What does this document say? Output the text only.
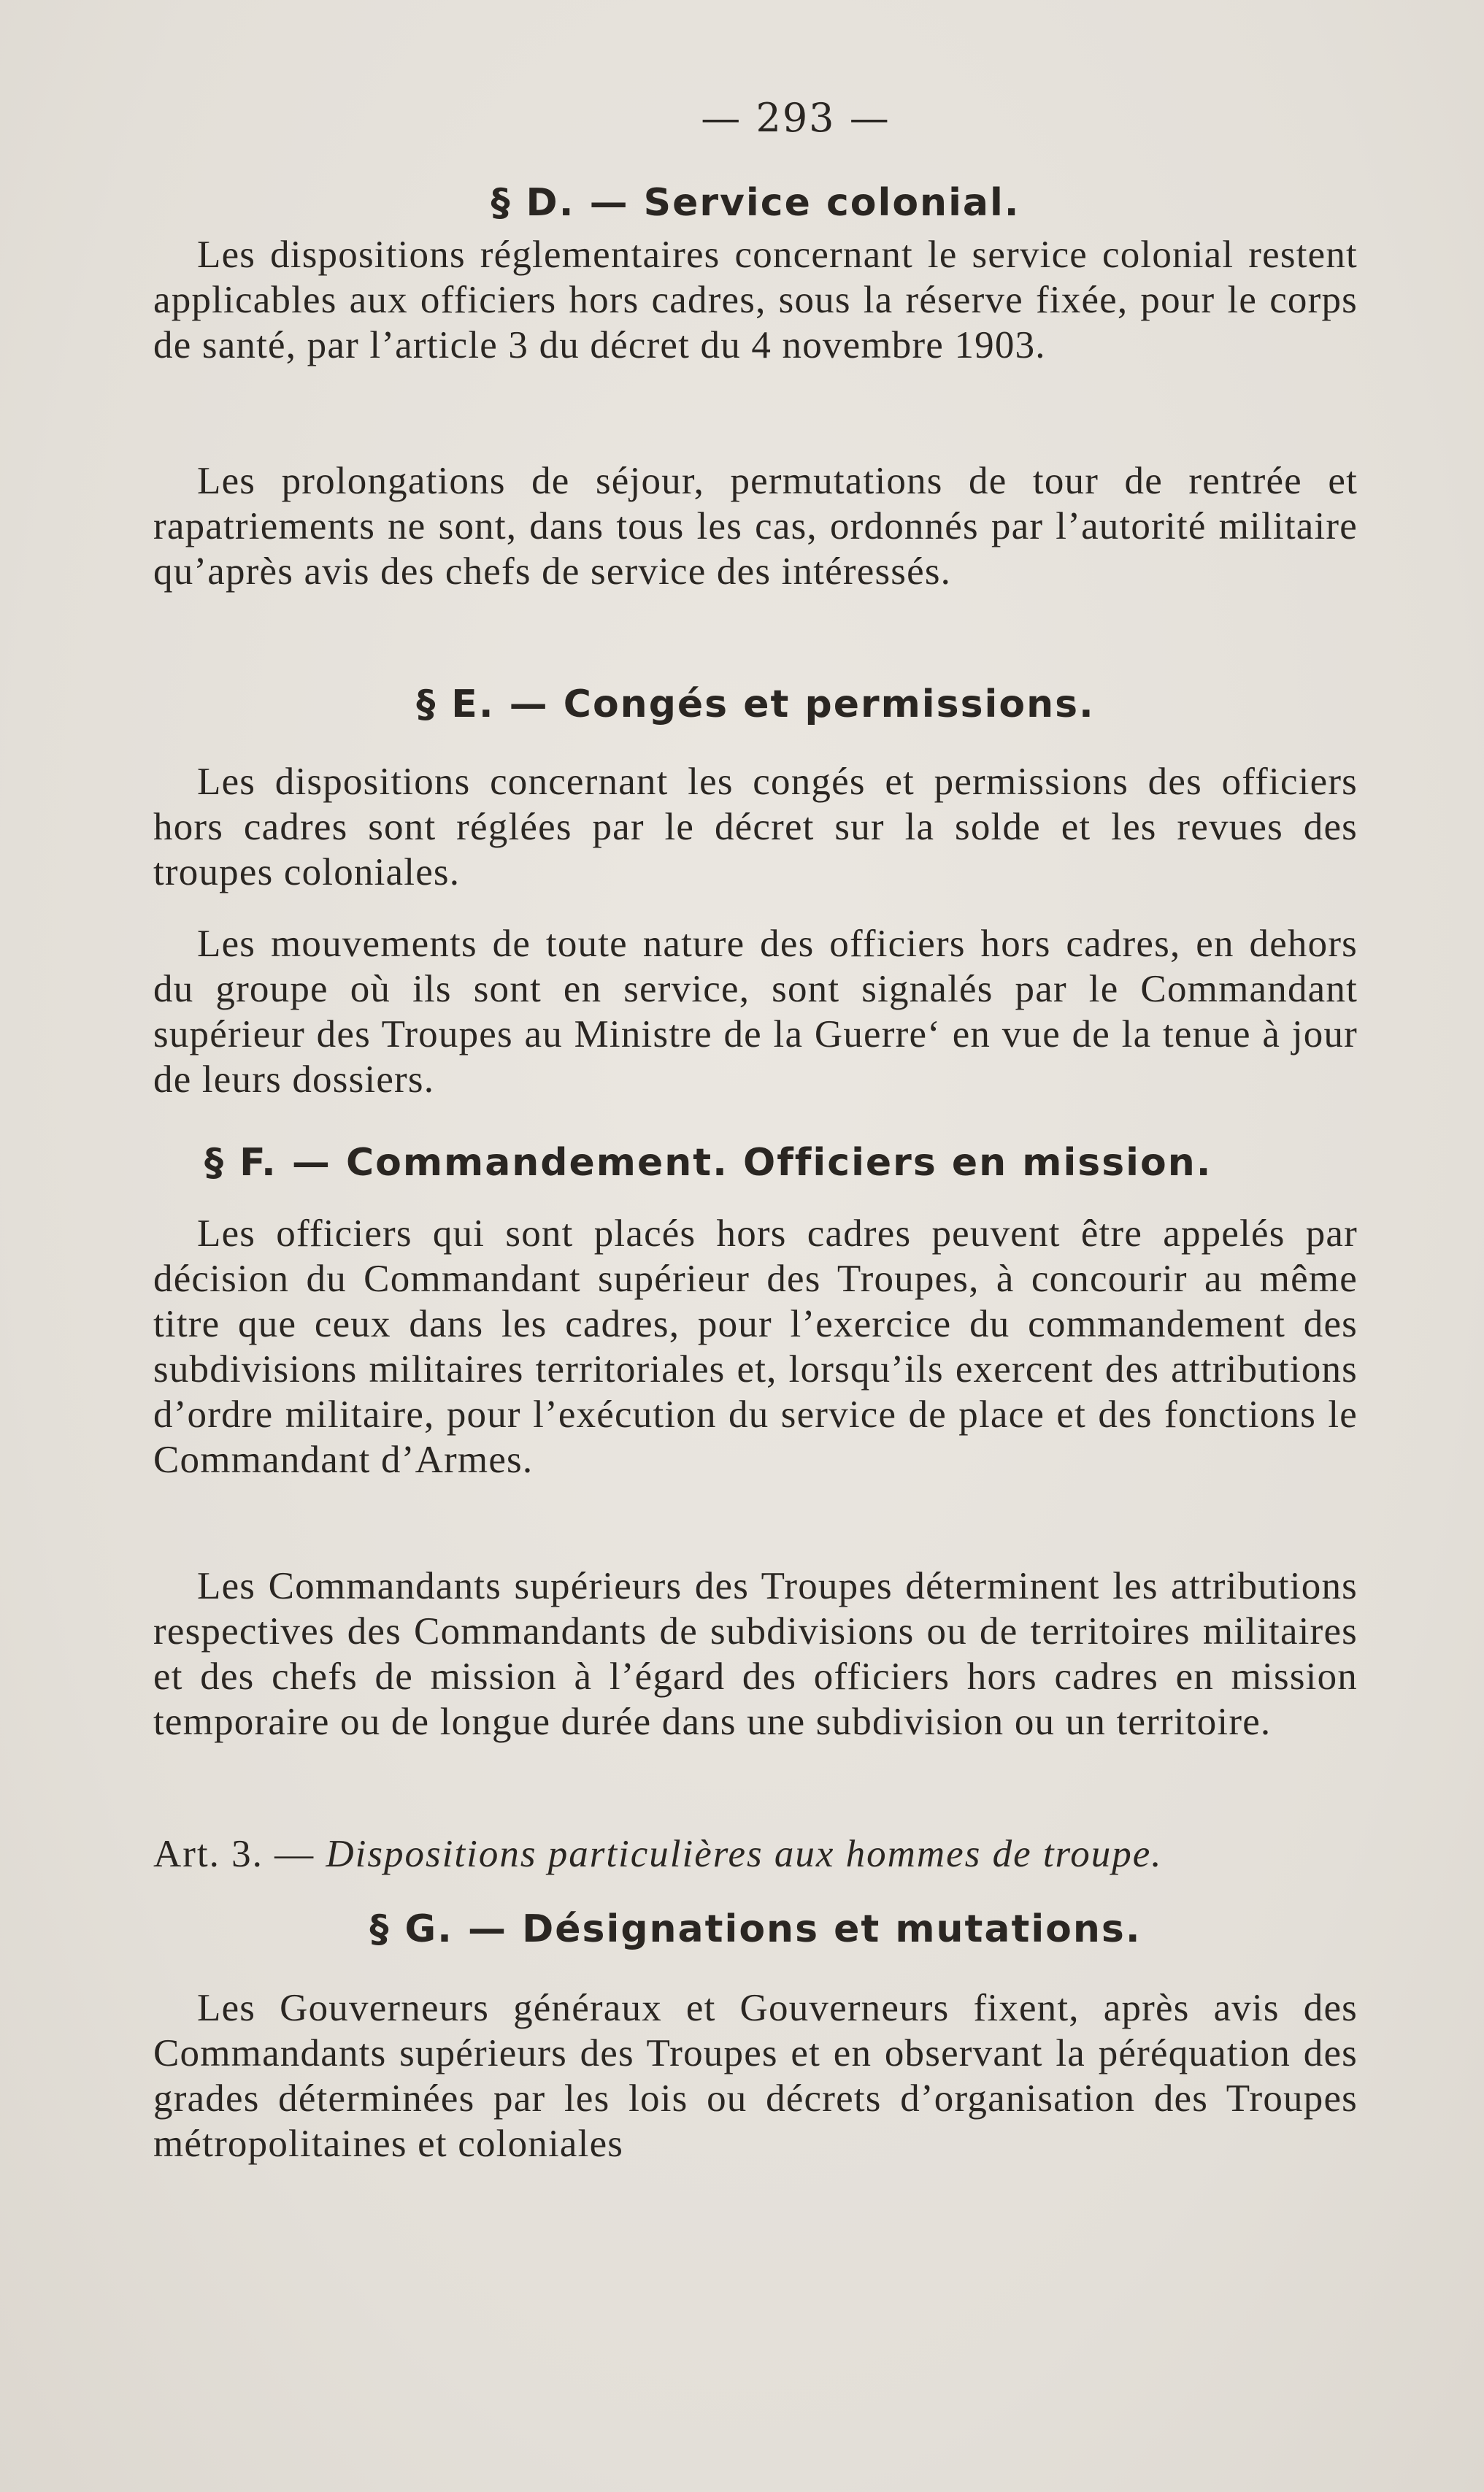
— 293 —
§ D. — Service colonial.

Les dispositions réglementaires concernant le service colonial restent applicables aux officiers hors cadres, sous la réserve fixée, pour le corps de santé, par l’article 3 du décret du 4 novembre 1903.

Les prolongations de séjour, permutations de tour de rentrée et rapatriements ne sont, dans tous les cas, ordonnés par l’autorité militaire qu’après avis des chefs de service des intéressés.

§ E. — Congés et permissions.

Les dispositions concernant les congés et permissions des officiers hors cadres sont réglées par le décret sur la solde et les revues des troupes coloniales.

Les mouvements de toute nature des officiers hors cadres, en dehors du groupe où ils sont en service, sont signalés par le Commandant supérieur des Troupes au Ministre de la Guerre‘ en vue de la tenue à jour de leurs dossiers.

§ F. — Commandement. Officiers en mission.

Les officiers qui sont placés hors cadres peuvent être appelés par décision du Commandant supérieur des Troupes, à concourir au même titre que ceux dans les cadres, pour l’exercice du commandement des subdivisions militaires territoriales et, lorsqu’ils exercent des attributions d’ordre militaire, pour l’exécution du service de place et des fonctions le Commandant d’Armes.

Les Commandants supérieurs des Troupes déterminent les attributions respectives des Commandants de subdivisions ou de territoires militaires et des chefs de mission à l’égard des officiers hors cadres en mission temporaire ou de longue durée dans une subdivision ou un territoire.

Art. 3. — Dispositions particulières aux hommes de troupe.
§ G. — Désignations et mutations.

Les Gouverneurs généraux et Gouverneurs fixent, après avis des Commandants supérieurs des Troupes et en observant la péréquation des grades déterminées par les lois ou décrets d’organisation des Troupes métropolitaines et coloniales
